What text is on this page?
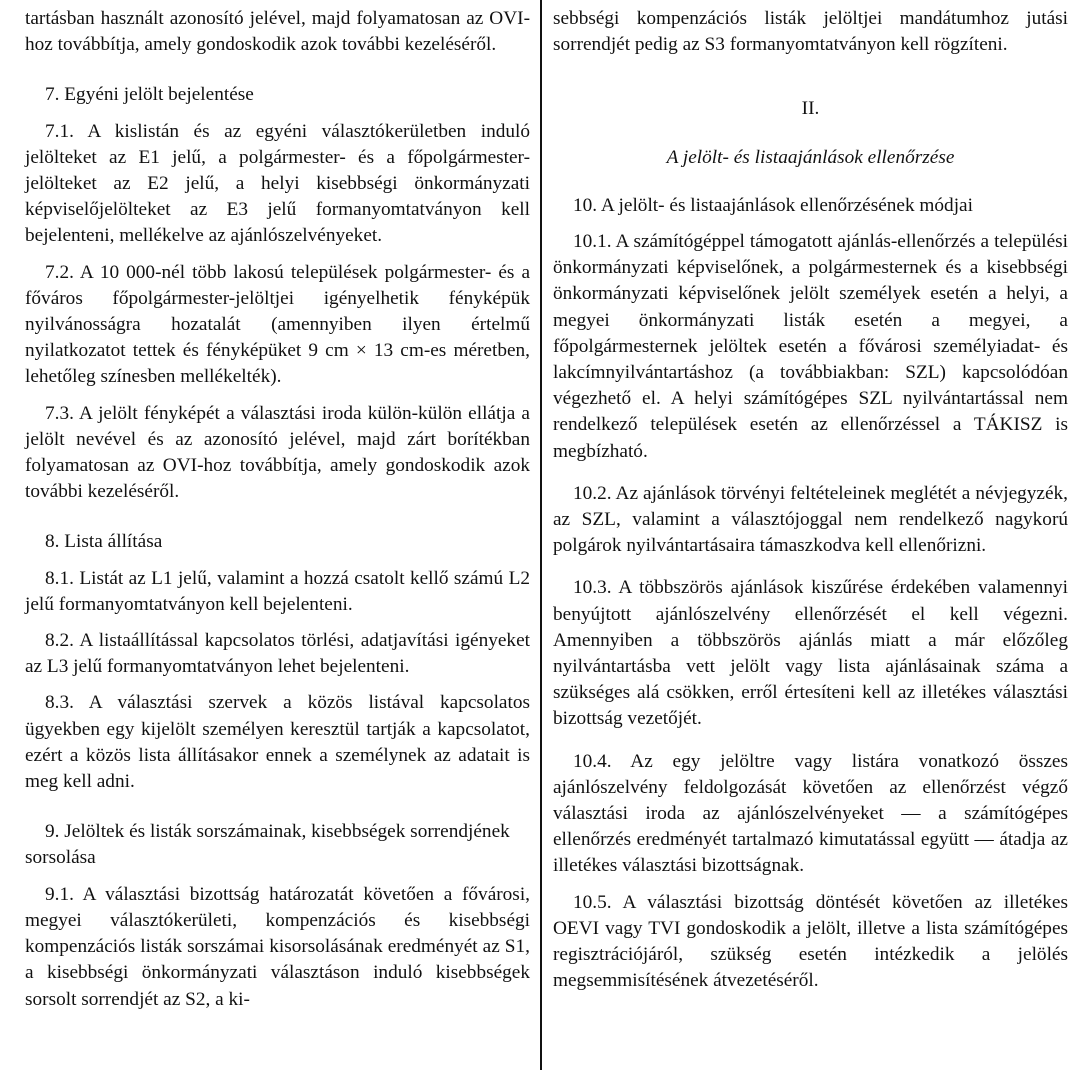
tartásban használt azonosító jelével, majd folyamatosan az OVI-hoz továbbítja, amely gondoskodik azok további kezeléséről.

7. Egyéni jelölt bejelentése

7.1. A kislistán és az egyéni választókerületben induló jelölteket az E1 jelű, a polgármester- és a főpolgármester-jelölteket az E2 jelű, a helyi kisebbségi önkormányzati képviselőjelölteket az E3 jelű formanyomtatványon kell bejelenteni, mellékelve az ajánlószelvényeket.

7.2. A 10 000-nél több lakosú települések polgármester- és a főváros főpolgármester-jelöltjei igényelhetik fényképük nyilvánosságra hozatalát (amennyiben ilyen értelmű nyilatkozatot tettek és fényképüket 9 cm × 13 cm-es méretben, lehetőleg színesben mellékelték).

7.3. A jelölt fényképét a választási iroda külön-külön ellátja a jelölt nevével és az azonosító jelével, majd zárt borítékban folyamatosan az OVI-hoz továbbítja, amely gondoskodik azok további kezeléséről.

8. Lista állítása

8.1. Listát az L1 jelű, valamint a hozzá csatolt kellő számú L2 jelű formanyomtatványon kell bejelenteni.

8.2. A listaállítással kapcsolatos törlési, adatjavítási igényeket az L3 jelű formanyomtatványon lehet bejelenteni.

8.3. A választási szervek a közös listával kapcsolatos ügyekben egy kijelölt személyen keresztül tartják a kapcsolatot, ezért a közös lista állításakor ennek a személynek az adatait is meg kell adni.

9. Jelöltek és listák sorszámainak, kisebbségek sorrendjének sorsolása

9.1. A választási bizottság határozatát követően a fővárosi, megyei választókerületi, kompenzációs és kisebbségi kompenzációs listák sorszámai kisorsolásának eredményét az S1, a kisebbségi önkormányzati választáson induló kisebbségek sorsolt sorrendjét az S2, a ki-

sebbségi kompenzációs listák jelöltjei mandátumhoz jutási sorrendjét pedig az S3 formanyomtatványon kell rögzíteni.

II.

A jelölt- és listaajánlások ellenőrzése

10. A jelölt- és listaajánlások ellenőrzésének módjai

10.1. A számítógéppel támogatott ajánlás-ellenőrzés a települési önkormányzati képviselőnek, a polgármesternek és a kisebbségi önkormányzati képviselőnek jelölt személyek esetén a helyi, a megyei önkormányzati listák esetén a megyei, a főpolgármesternek jelöltek esetén a fővárosi személyiadat- és lakcímnyilvántartáshoz (a továbbiakban: SZL) kapcsolódóan végezhető el. A helyi számítógépes SZL nyilvántartással nem rendelkező települések esetén az ellenőrzéssel a TÁKISZ is megbízható.

10.2. Az ajánlások törvényi feltételeinek meglétét a névjegyzék, az SZL, valamint a választójoggal nem rendelkező nagykorú polgárok nyilvántartásaira támaszkodva kell ellenőrizni.

10.3. A többszörös ajánlások kiszűrése érdekében valamennyi benyújtott ajánlószelvény ellenőrzését el kell végezni. Amennyiben a többszörös ajánlás miatt a már előzőleg nyilvántartásba vett jelölt vagy lista ajánlásainak száma a szükséges alá csökken, erről értesíteni kell az illetékes választási bizottság vezetőjét.

10.4. Az egy jelöltre vagy listára vonatkozó összes ajánlószelvény feldolgozását követően az ellenőrzést végző választási iroda az ajánlószelvényeket — a számítógépes ellenőrzés eredményét tartalmazó kimutatással együtt — átadja az illetékes választási bizottságnak.

10.5. A választási bizottság döntését követően az illetékes OEVI vagy TVI gondoskodik a jelölt, illetve a lista számítógépes regisztrációjáról, szükség esetén intézkedik a jelölés megsemmisítésének átvezetéséről.
